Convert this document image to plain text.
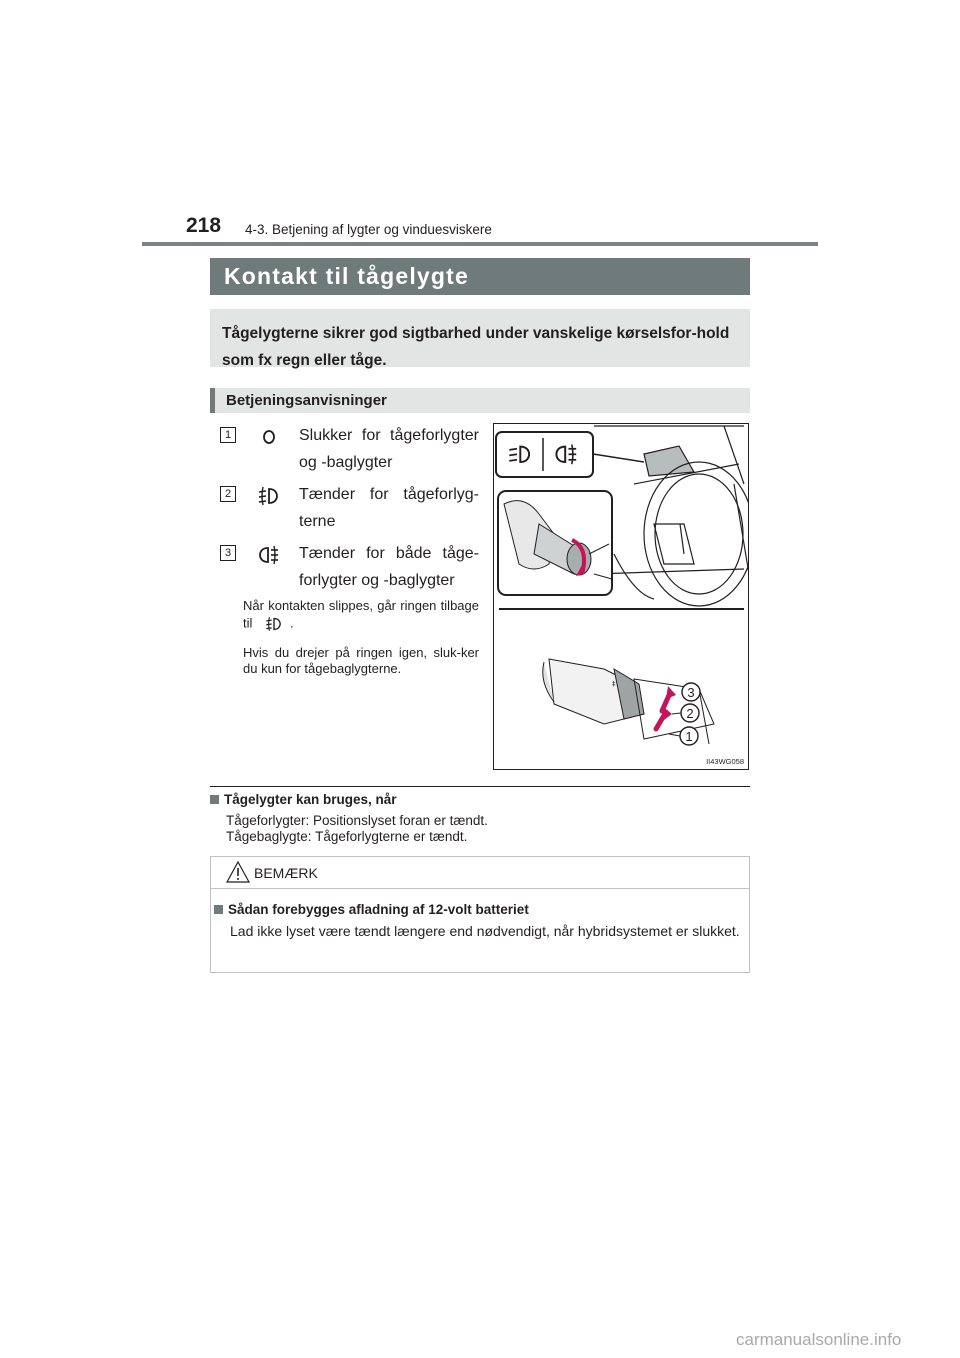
218 4-3. Betjening af lygter og vinduesviskere
Kontakt til tågelygte
Tågelygterne sikrer god sigtbarhed under vanskelige kørselsfor-hold som fx regn eller tåge.
Betjeningsanvisninger
1	Slukker for tågeforlygter og -baglygter
2	Tænder for tågeforlyg-terne
3	Tænder for både tåge-forlygter og -baglygter
Når kontakten slippes, går ringen tilbage til	.
Hvis du drejer på ringen igen, sluk-ker du kun for tågebaglygterne.
‡
3
2
1
II43WG058
Tågelygter kan bruges, når
Tågeforlygter: Positionslyset foran er tændt.
Tågebaglygte: Tågeforlygterne er tændt.
BEMÆRK
Sådan forebygges afladning af 12-volt batteriet
Lad ikke lyset være tændt længere end nødvendigt, når hybridsystemet er slukket.
carmanualsonline.info
